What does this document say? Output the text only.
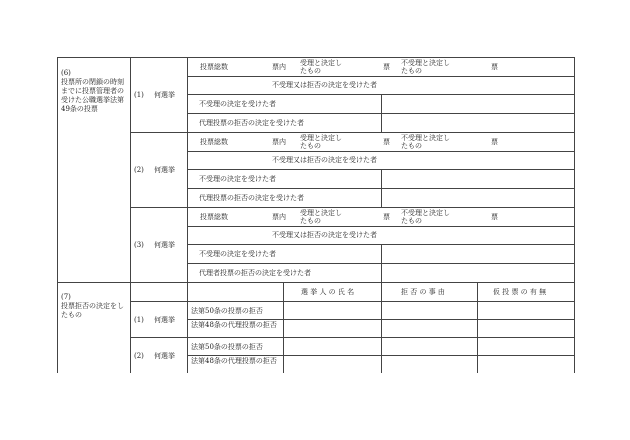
(6)
投票所の閉鎖の時刻までに投票管理者の受けた公職選挙法第49条の投票
(1) 何選挙
投票総数	票内 受理と決定したもの	票 不受理と決定したもの	票
不受理又は拒否の決定を受けた者
不受理の決定を受けた者
代理投票の拒否の決定を受けた者
(2) 何選挙
投票総数	票内 受理と決定したもの	票 不受理と決定したもの	票
不受理又は拒否の決定を受けた者
不受理の決定を受けた者
代理投票の拒否の決定を受けた者
(3) 何選挙
投票総数	票内 受理と決定したもの	票 不受理と決定したもの	票
不受理又は拒否の決定を受けた者
不受理の決定を受けた者
代理者投票の拒否の決定を受けた者
(7)
投票拒否の決定をしたもの
選 挙 人 の 氏 名	拒 否 の 事 由	仮 投 票 の 有 無
(1) 何選挙
法第50条の投票の拒否
法第48条の代理投票の拒否
(2) 何選挙
法第50条の投票の拒否
法第48条の代理投票の拒否
